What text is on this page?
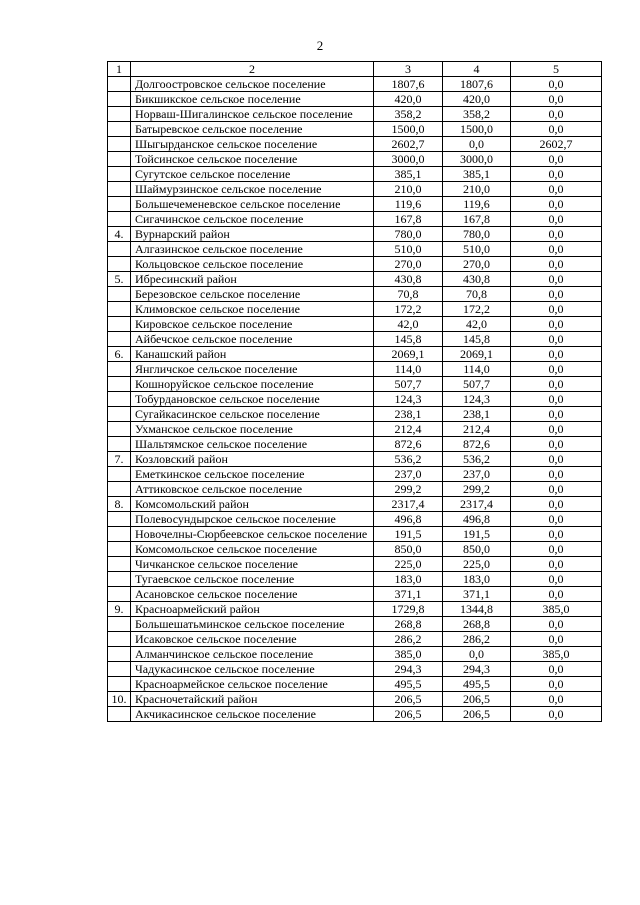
2
1	2	3	4	5
	Долгоостровское сельское поселение	1807,6	1807,6	0,0
	Бикшикское сельское поселение	420,0	420,0	0,0
	Норваш-Шигалинское сельское поселение	358,2	358,2	0,0
	Батыревское сельское поселение	1500,0	1500,0	0,0
	Шыгырданское сельское поселение	2602,7	0,0	2602,7
	Тойсинское сельское поселение	3000,0	3000,0	0,0
	Сугутское сельское поселение	385,1	385,1	0,0
	Шаймурзинское сельское поселение	210,0	210,0	0,0
	Большечеменевское сельское поселение	119,6	119,6	0,0
	Сигачинское сельское поселение	167,8	167,8	0,0
4.	Вурнарский район	780,0	780,0	0,0
	Алгазинское сельское поселение	510,0	510,0	0,0
	Кольцовское сельское поселение	270,0	270,0	0,0
5.	Ибресинский район	430,8	430,8	0,0
	Березовское сельское поселение	70,8	70,8	0,0
	Климовское сельское поселение	172,2	172,2	0,0
	Кировское сельское поселение	42,0	42,0	0,0
	Айбечское сельское поселение	145,8	145,8	0,0
6.	Канашский район	2069,1	2069,1	0,0
	Янгличское сельское поселение	114,0	114,0	0,0
	Кошноруйское сельское поселение	507,7	507,7	0,0
	Тобурдановское сельское поселение	124,3	124,3	0,0
	Сугайкасинское сельское поселение	238,1	238,1	0,0
	Ухманское сельское поселение	212,4	212,4	0,0
	Шальтямское сельское поселение	872,6	872,6	0,0
7.	Козловский район	536,2	536,2	0,0
	Еметкинское сельское поселение	237,0	237,0	0,0
	Аттиковское сельское поселение	299,2	299,2	0,0
8.	Комсомольский район	2317,4	2317,4	0,0
	Полевосундырское сельское поселение	496,8	496,8	0,0
	Новочелны-Сюрбеевское сельское поселение	191,5	191,5	0,0
	Комсомольское сельское поселение	850,0	850,0	0,0
	Чичканское сельское поселение	225,0	225,0	0,0
	Тугаевское сельское поселение	183,0	183,0	0,0
	Асановское сельское поселение	371,1	371,1	0,0
9.	Красноармейский район	1729,8	1344,8	385,0
	Большешатьминское сельское поселение	268,8	268,8	0,0
	Исаковское сельское поселение	286,2	286,2	0,0
	Алманчинское сельское поселение	385,0	0,0	385,0
	Чадукасинское сельское поселение	294,3	294,3	0,0
	Красноармейское сельское поселение	495,5	495,5	0,0
10.	Красночетайский район	206,5	206,5	0,0
	Акчикасинское сельское поселение	206,5	206,5	0,0
